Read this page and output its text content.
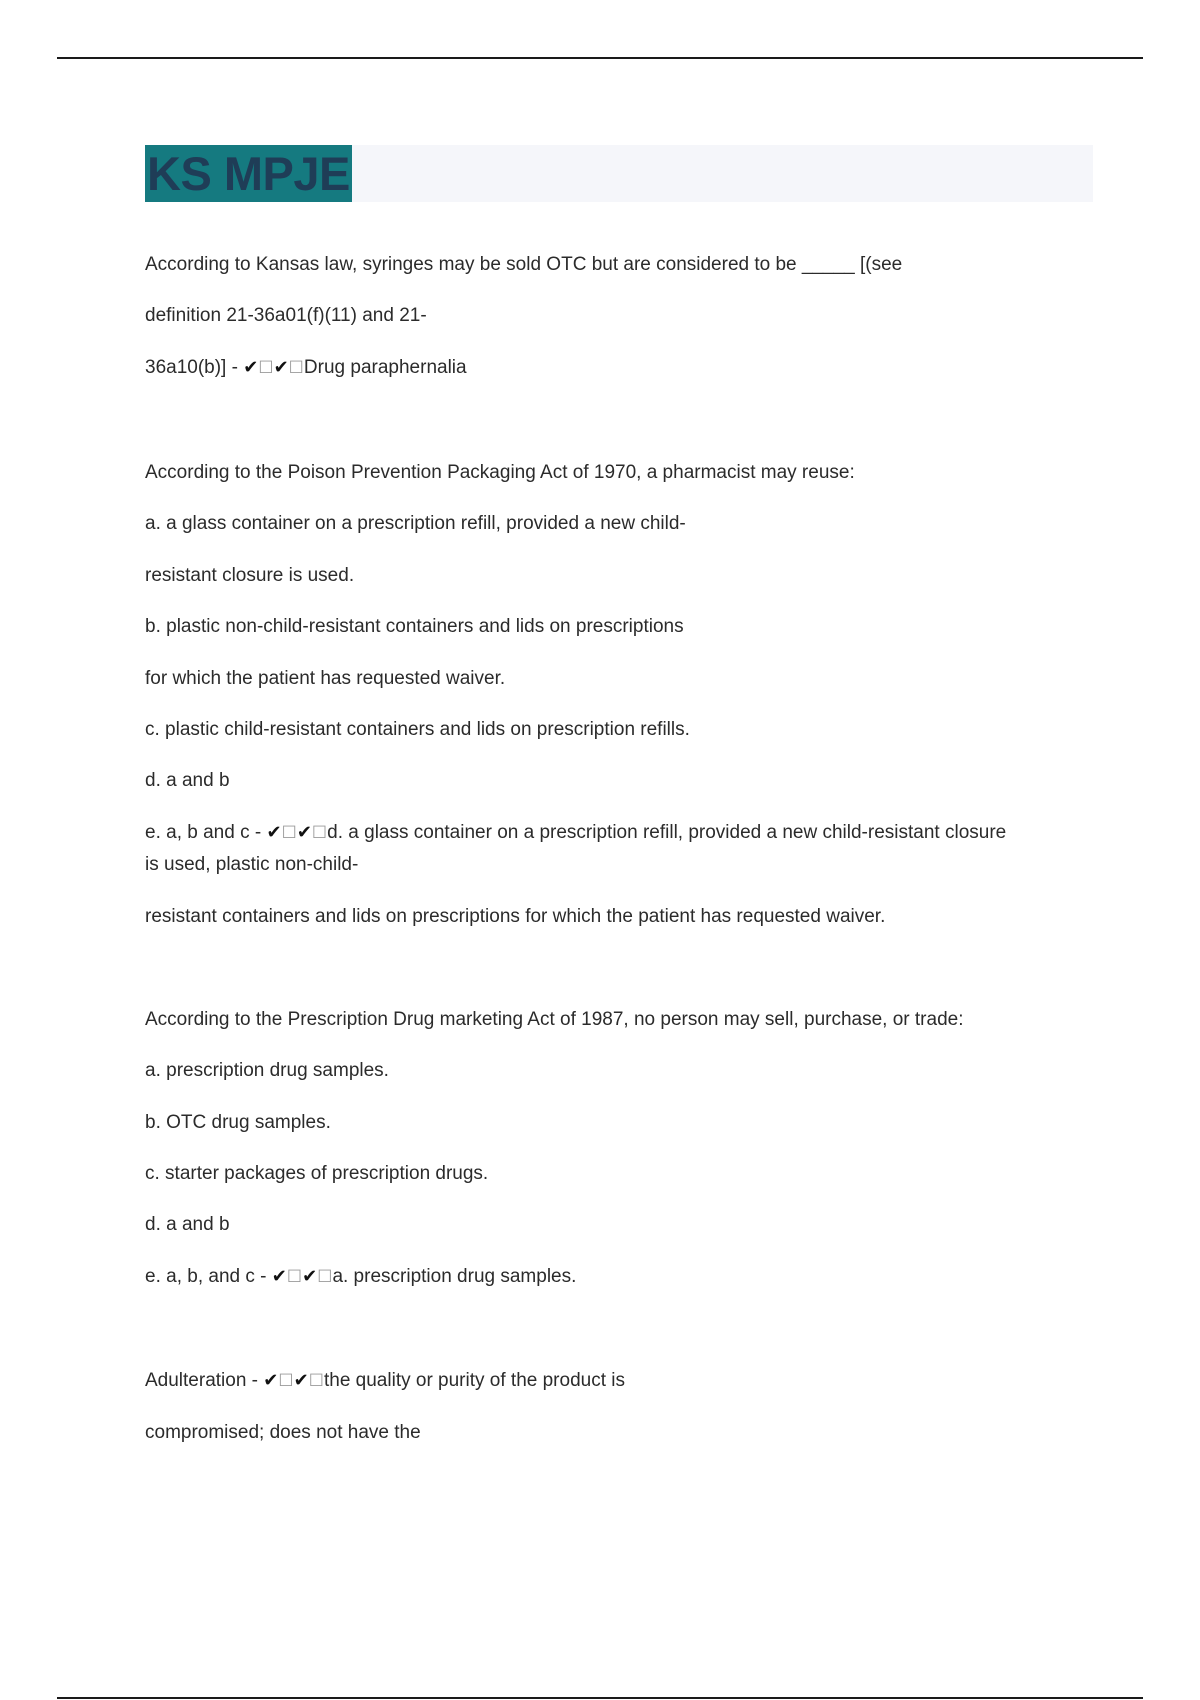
KS MPJE
According to Kansas law, syringes may be sold OTC but are considered to be _____ [(see
definition 21-36a01(f)(11) and 21-
36a10(b)] - ✔☐✔☐Drug paraphernalia
According to the Poison Prevention Packaging Act of 1970, a pharmacist may reuse:
a. a glass container on a prescription refill, provided a new child-
resistant closure is used.
b. plastic non-child-resistant containers and lids on prescriptions
for which the patient has requested waiver.
c. plastic child-resistant containers and lids on prescription refills.
d. a and b
e. a, b and c - ✔☐✔☐d. a glass container on a prescription refill, provided a new child-resistant closure
is used, plastic non-child-
resistant containers and lids on prescriptions for which the patient has requested waiver.
According to the Prescription Drug marketing Act of 1987, no person may sell, purchase, or trade:
a. prescription drug samples.
b. OTC drug samples.
c. starter packages of prescription drugs.
d. a and b
e. a, b, and c - ✔☐✔☐a. prescription drug samples.
Adulteration - ✔☐✔☐the quality or purity of the product is
compromised; does not have the
